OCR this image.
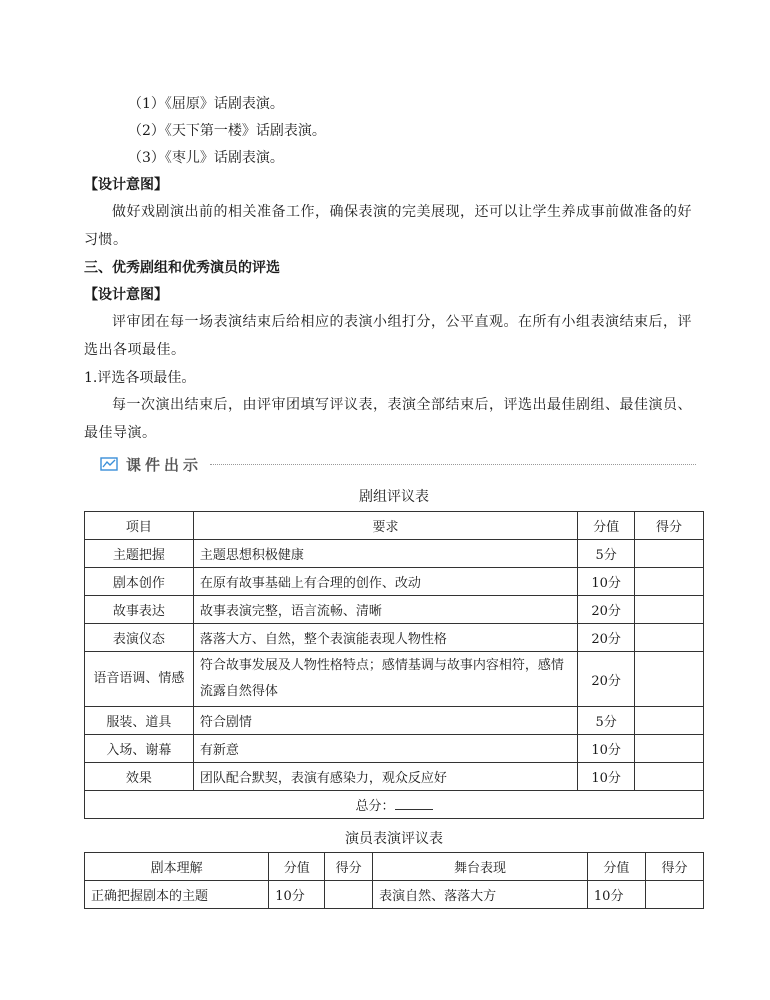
（1）《屈原》话剧表演。
（2）《天下第一楼》话剧表演。
（3）《枣儿》话剧表演。
【设计意图】
做好戏剧演出前的相关准备工作，确保表演的完美展现，还可以让学生养成事前做准备的好习惯。
三、优秀剧组和优秀演员的评选
【设计意图】
评审团在每一场表演结束后给相应的表演小组打分，公平直观。在所有小组表演结束后，评选出各项最佳。
1.评选各项最佳。
每一次演出结束后，由评审团填写评议表，表演全部结束后，评选出最佳剧组、最佳演员、最佳导演。
课件出示
剧组评议表
项目	要求	分值	得分
主题把握	主题思想积极健康	5分	
剧本创作	在原有故事基础上有合理的创作、改动	10分	
故事表达	故事表演完整，语言流畅、清晰	20分	
表演仪态	落落大方、自然，整个表演能表现人物性格	20分	
语音语调、情感	符合故事发展及人物性格特点；感情基调与故事内容相符，感情流露自然得体	20分	
服装、道具	符合剧情	5分	
入场、谢幕	有新意	10分	
效果	团队配合默契，表演有感染力，观众反应好	10分	
总分：			
演员表演评议表
剧本理解	分值	得分	舞台表现	分值	得分
正确把握剧本的主题	10分		表演自然、落落大方	10分	
